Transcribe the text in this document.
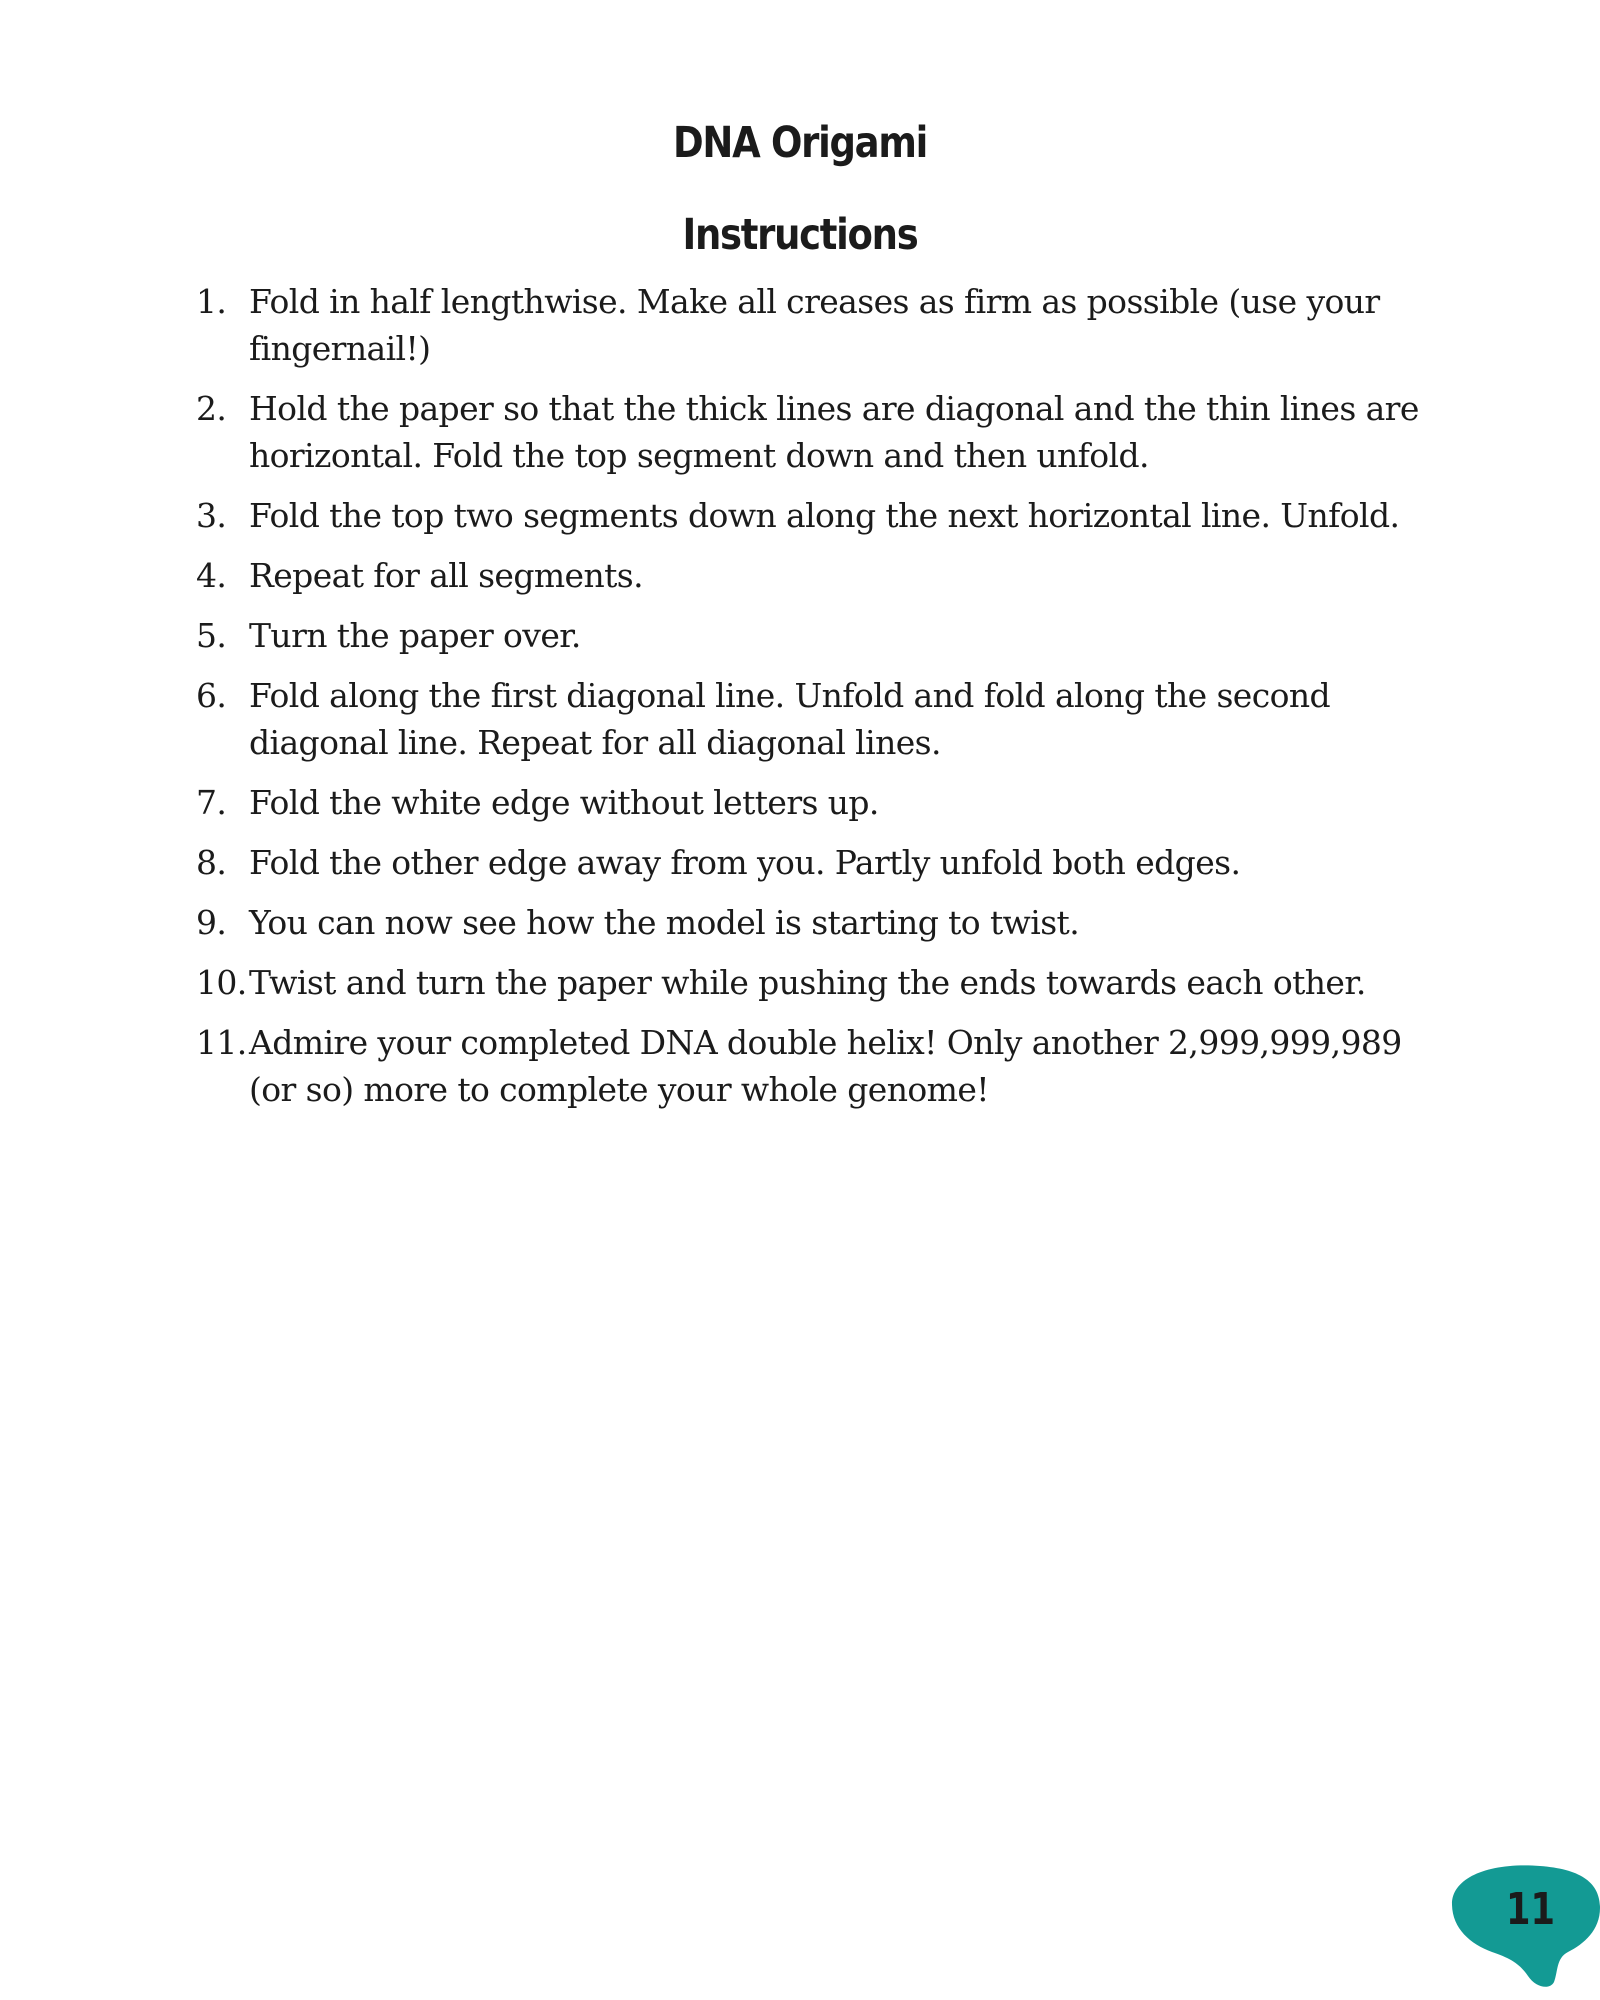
DNA Origami
Instructions
1. Fold in half lengthwise. Make all creases as firm as possible (use your fingernail!)
2. Hold the paper so that the thick lines are diagonal and the thin lines are horizontal. Fold the top segment down and then unfold.
3. Fold the top two segments down along the next horizontal line. Unfold.
4. Repeat for all segments.
5. Turn the paper over.
6. Fold along the first diagonal line. Unfold and fold along the second diagonal line. Repeat for all diagonal lines.
7. Fold the white edge without letters up.
8. Fold the other edge away from you. Partly unfold both edges.
9. You can now see how the model is starting to twist.
10. Twist and turn the paper while pushing the ends towards each other.
11. Admire your completed DNA double helix! Only another 2,999,999,989 (or so) more to complete your whole genome!
11
